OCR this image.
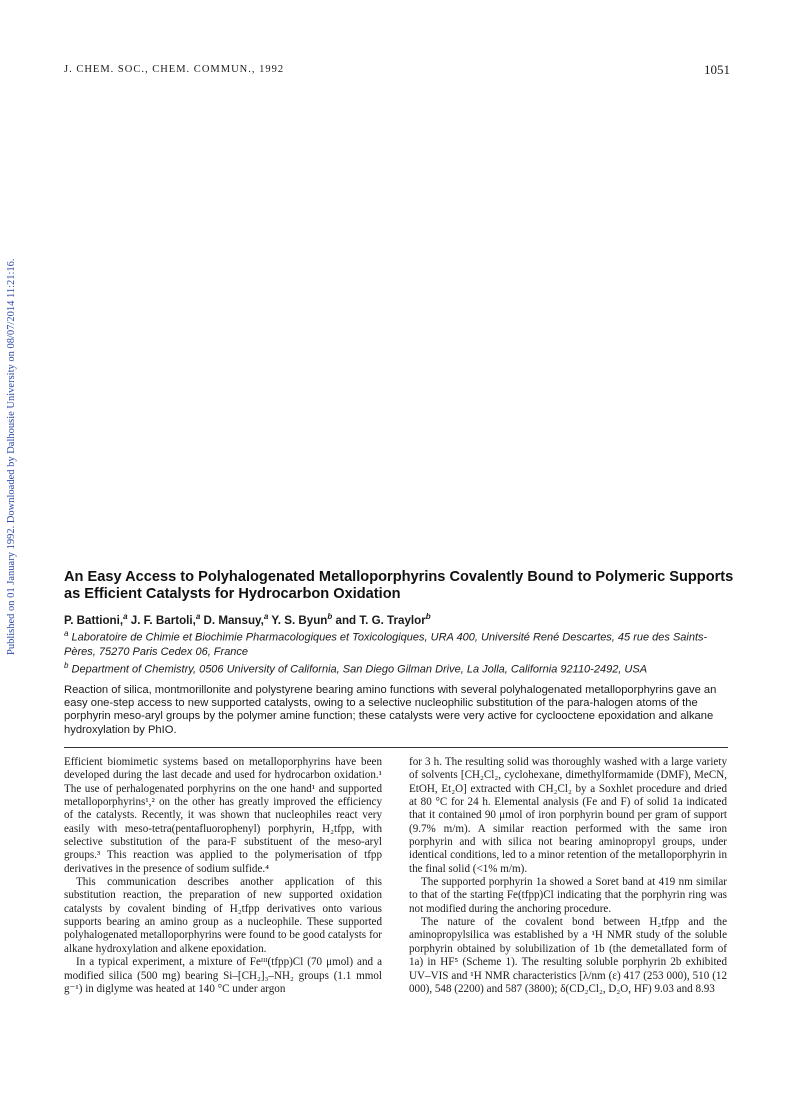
J. CHEM. SOC., CHEM. COMMUN., 1992	1051
Published on 01 January 1992. Downloaded by Dalhousie University on 08/07/2014 11:21:16.	An Easy Access to Polyhalogenated Metalloporphyrins Covalently Bound to Polymeric Supports as Efficient Catalysts for Hydrocarbon Oxidation
P. Battioni,$^a$ J. F. Bartoli,$^a$ D. Mansuy,$^a$ Y. S. Byun$^b$ and T. G. Traylor$^b$

$^a$ Laboratoire de Chimie et Biochimie Pharmacologiques et Toxicologiques, URA 400, Université René Descartes, 45 rue des Saints-Pères, 75270 Paris Cedex 06, France

$^b$ Department of Chemistry, 0506 University of California, San Diego Gilman Drive, La Jolla, California 92110-2492, USA

Reaction of silica, montmorillonite and polystyrene bearing amino functions with several polyhalogenated metalloporphyrins gave an easy one-step access to new supported catalysts, owing to a selective nucleophilic substitution of the para-halogen atoms of the porphyrin meso-aryl groups by the polymer amine function; these catalysts were very active for cyclooctene epoxidation and alkane hydroxylation by PhIO.

Efficient biomimetic systems based on metalloporphyrins have been developed during the last decade and used for hydrocarbon oxidation.¹ The use of perhalogenated porphyrins on the one hand¹ and supported metalloporphyrins¹,² on the other has greatly improved the efficiency of the catalysts. Recently, it was shown that nucleophiles react very easily with meso-tetra(pentafluorophenyl) porphyrin, H₂tfpp, with selective substitution of the para-F substituent of the meso-aryl groups.³ This reaction was applied to the polymerisation of tfpp derivatives in the presence of sodium sulfide.⁴

This communication describes another application of this substitution reaction, the preparation of new supported oxidation catalysts by covalent binding of H₂tfpp derivatives onto various supports bearing an amino group as a nucleophile. These supported polyhalogenated metalloporphyrins were found to be good catalysts for alkane hydroxylation and alkene epoxidation.

In a typical experiment, a mixture of Feᴵᴵᴵ(tfpp)Cl (70 μmol) and a modified silica (500 mg) bearing Si–[CH₂]₃–NH₂ groups (1.1 mmol g⁻¹) in diglyme was heated at 140 °C under argon

for 3 h. The resulting solid was thoroughly washed with a large variety of solvents [CH₂Cl₂, cyclohexane, dimethylformamide (DMF), MeCN, EtOH, Et₂O] extracted with CH₂Cl₂ by a Soxhlet procedure and dried at 80 °C for 24 h. Elemental analysis (Fe and F) of solid 1a indicated that it contained 90 μmol of iron porphyrin bound per gram of support (9.7% m/m). A similar reaction performed with the same iron porphyrin and with silica not bearing aminopropyl groups, under identical conditions, led to a minor retention of the metalloporphyrin in the final solid (<1% m/m).

The supported porphyrin 1a showed a Soret band at 419 nm similar to that of the starting Fe(tfpp)Cl indicating that the porphyrin ring was not modified during the anchoring procedure.

The nature of the covalent bond between H₂tfpp and the aminopropylsilica was established by a ¹H NMR study of the soluble porphyrin obtained by solubilization of 1b (the demetallated form of 1a) in HF⁵ (Scheme 1). The resulting soluble porphyrin 2b exhibited UV–VIS and ¹H NMR characteristics [λ/nm (ε) 417 (253 000), 510 (12 000), 548 (2200) and 587 (3800); δ(CD₂Cl₂, D₂O, HF) 9.03 and 8.93
